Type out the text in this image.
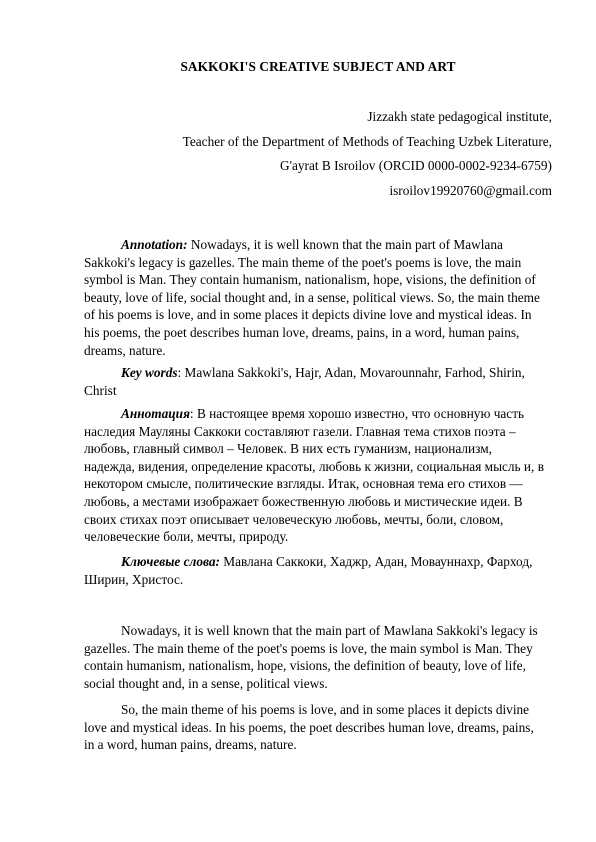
SAKKOKI'S CREATIVE SUBJECT AND ART
Jizzakh state pedagogical institute,
Teacher of the Department of Methods of Teaching Uzbek Literature,
G'ayrat B Isroilov (ORCID 0000-0002-9234-6759)
isroilov19920760@gmail.com

Annotation: Nowadays, it is well known that the main part of Mawlana Sakkoki's legacy is gazelles. The main theme of the poet's poems is love, the main symbol is Man. They contain humanism, nationalism, hope, visions, the definition of beauty, love of life, social thought and, in a sense, political views. So, the main theme of his poems is love, and in some places it depicts divine love and mystical ideas. In his poems, the poet describes human love, dreams, pains, in a word, human pains, dreams, nature.

Key words: Mawlana Sakkoki's, Hajr, Adan, Movarounnahr, Farhod, Shirin, Christ

Аннотация: В настоящее время хорошо известно, что основную часть наследия Мауляны Саккоки составляют газели. Главная тема стихов поэта – любовь, главный символ – Человек. В них есть гуманизм, национализм, надежда, видения, определение красоты, любовь к жизни, социальная мысль и, в некотором смысле, политические взгляды. Итак, основная тема его стихов — любовь, а местами изображает божественную любовь и мистические идеи. В своих стихах поэт описывает человеческую любовь, мечты, боли, словом, человеческие боли, мечты, природу.

Ключевые слова: Мавлана Саккоки, Хаджр, Адан, Мовауннахр, Фарход, Ширин, Христос.

Nowadays, it is well known that the main part of Mawlana Sakkoki's legacy is gazelles. The main theme of the poet's poems is love, the main symbol is Man. They contain humanism, nationalism, hope, visions, the definition of beauty, love of life, social thought and, in a sense, political views.

So, the main theme of his poems is love, and in some places it depicts divine love and mystical ideas. In his poems, the poet describes human love, dreams, pains, in a word, human pains, dreams, nature.
